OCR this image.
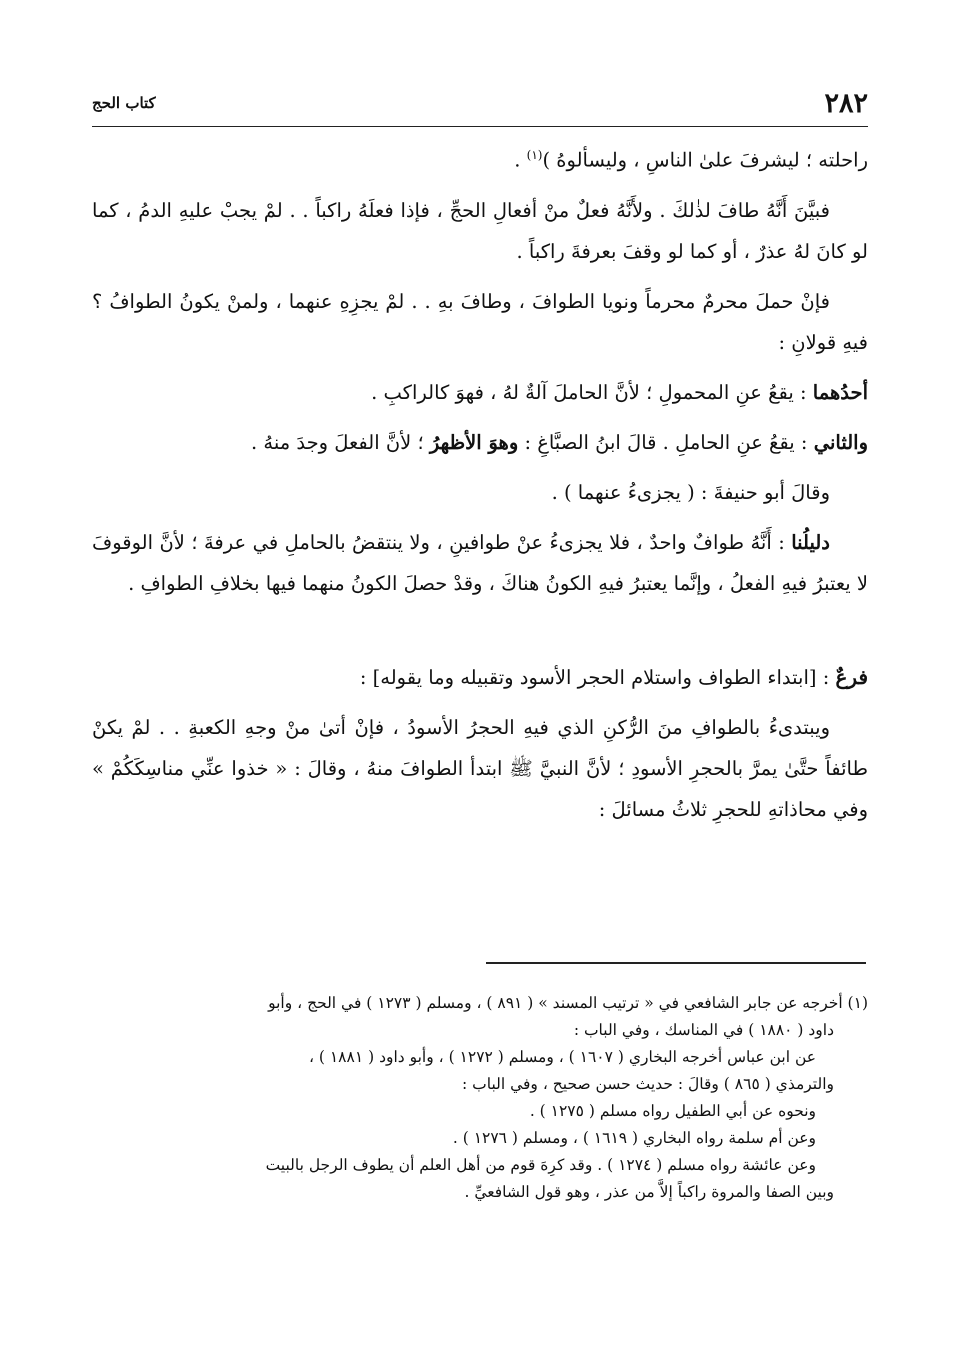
٢٨٢
كتاب الحج

راحلته ؛ ليشرفَ علىٰ الناسِ ، وليسألوهُ )$^{(١)}$ .

فبيَّنَ أَنَّهُ طافَ لذٰلكَ . ولأَنَّهُ فعلٌ منْ أفعالِ الحجِّ ، فإذا فعلَهُ راكباً . . لمْ يجبْ عليهِ الدمُ ، كما لو كانَ لهُ عذرٌ ، أو كما لو وقفَ بعرفةَ راكباً .

فإنْ حملَ محرمٌ محرماً ونويا الطوافَ ، وطافَ بهِ . . لمْ يجزِهِ عنهما ، ولمنْ يكونُ الطوافُ ؟ فيهِ قولانِ :

أحدُهما : يقعُ عنِ المحمولِ ؛ لأنَّ الحاملَ آلةٌ لهُ ، فهوَ كالراكبِ .

والثاني : يقعُ عنِ الحاملِ . قالَ ابنُ الصبَّاغِ : وهوَ الأظهرُ ؛ لأنَّ الفعلَ وجدَ منهُ .

وقالَ أبو حنيفةَ : ( يجزىءُ عنهما ) .

دليلُنا : أَنَّهُ طوافٌ واحدٌ ، فلا يجزىءُ عنْ طوافينِ ، ولا ينتقضُ بالحاملِ في عرفةَ ؛ لأنَّ الوقوفَ لا يعتبرُ فيهِ الفعلُ ، وإنَّما يعتبرُ فيهِ الكونُ هناكَ ، وقدْ حصلَ الكونُ منهما فيها بخلافِ الطوافِ .

فرعٌ : [ابتداء الطواف واستلام الحجر الأسود وتقبيله وما يقوله] :

ويبتدىءُ بالطوافِ منَ الرُّكنِ الذي فيهِ الحجرُ الأسودُ ، فإنْ أتىٰ منْ وجهِ الكعبةِ . . لمْ يكنْ طائفاً حتَّىٰ يمرَّ بالحجرِ الأسودِ ؛ لأنَّ النبيَّ ﷺ ابتدأ الطوافَ منهُ ، وقالَ : « خذوا عنِّي مناسِكَكُمْ » وفي محاذاتهِ للحجرِ ثلاثُ مسائلَ :

(١) أخرجه عن جابر الشافعي في « ترتيب المسند » ( ٨٩١ ) ، ومسلم ( ١٢٧٣ ) في الحج ، وأبو

داود ( ١٨٨٠ ) في المناسك ، وفي الباب :

عن ابن عباس أخرجه البخاري ( ١٦٠٧ ) ، ومسلم ( ١٢٧٢ ) ، وأبو داود ( ١٨٨١ ) ،

والترمذي ( ٨٦٥ ) وقالَ : حديث حسن صحيح ، وفي الباب :

ونحوه عن أبي الطفيل رواه مسلم ( ١٢٧٥ ) .

وعن أم سلمة رواه البخاري ( ١٦١٩ ) ، ومسلم ( ١٢٧٦ ) .

وعن عائشة رواه مسلم ( ١٢٧٤ ) . وقد كرِهَ قوم من أهل العلم أن يطوف الرجل بالبيت

وبين الصفا والمروة راكباً إلاَّ من عذر ، وهو قول الشافعيِّ .
